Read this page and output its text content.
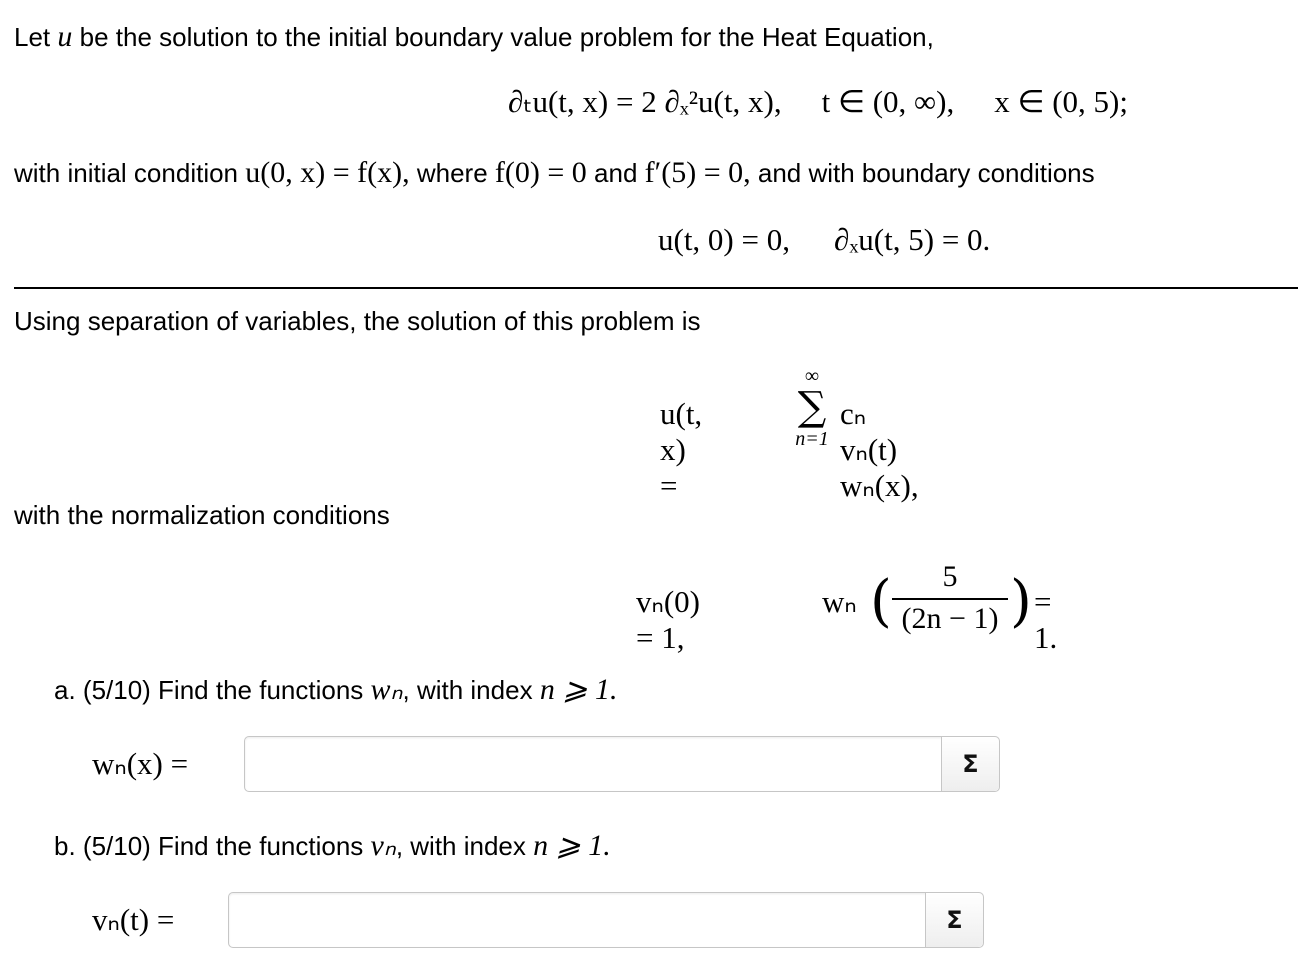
Let u be the solution to the initial boundary value problem for the Heat Equation,
∂ₜu(t, x) = 2 ∂ₓ²u(t, x), t ∈ (0, ∞), x ∈ (0, 5);
with initial condition u(0, x) = f(x), where f(0) = 0 and f′(5) = 0, and with boundary conditions
u(t, 0) = 0, ∂ₓu(t, 5) = 0.
Using separation of variables, the solution of this problem is
u(t, x) =
∞
∑
n=1
cₙ vₙ(t) wₙ(x),
with the normalization conditions
vₙ(0) = 1,
wₙ (	5
(2n − 1) ) = 1.
a. (5/10) Find the functions wₙ, with index n ⩾ 1.
wₙ(x) =	Σ
b. (5/10) Find the functions vₙ, with index n ⩾ 1.
vₙ(t) =	Σ
